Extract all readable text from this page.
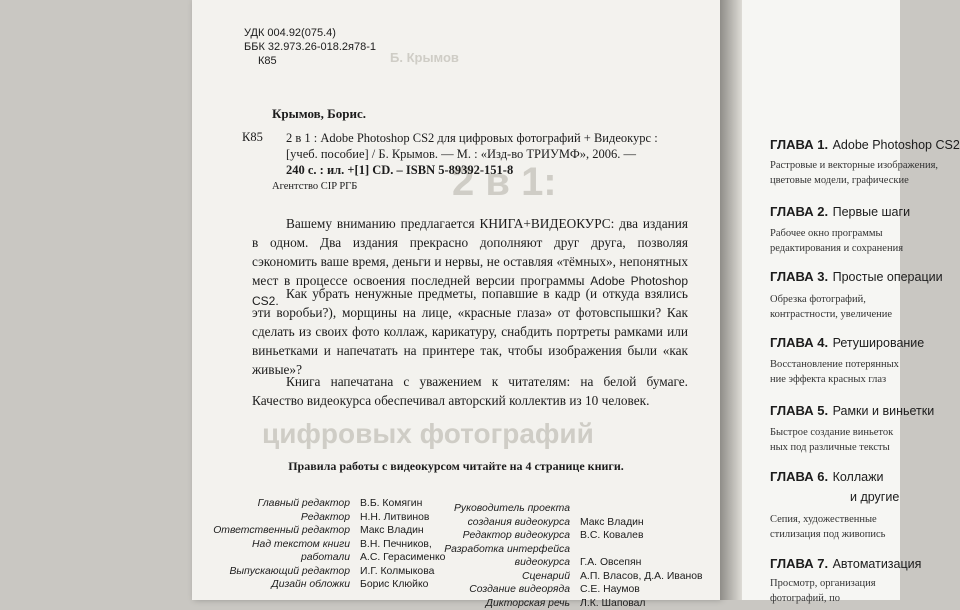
Б. Крымов
2 в 1:
цифровых фотографий
УДК 004.92(075.4)
ББК 32.973.26-018.2я78-1
К85
Крымов, Борис.
К85 2 в 1 : Adobe Photoshop CS2 для цифровых фотографий + Видеокурс :
[учеб. пособие] / Б. Крымов. — М. : «Изд-во ТРИУМФ», 2006. —
240 с. : ил. +[1] CD. – ISBN 5-89392-151-8
Агентство CIP РГБ
Вашему вниманию предлагается КНИГА+ВИДЕОКУРС: два издания в одном. Два издания прекрасно дополняют друг друга, позволяя сэкономить ваше время, деньги и нервы, не оставляя «тёмных», непонятных мест в процессе освоения последней версии программы Adobe Photoshop CS2. Как убрать ненужные предметы, попавшие в кадр (и откуда взялись эти воробьи?), морщины на лице, «красные глаза» от фотовспышки? Как сделать из своих фото коллаж, карикатуру, снабдить портреты рамками или виньетками и напечатать на принтере так, чтобы изображения были «как живые»?
Книга напечатана с уважением к читателям: на белой бумаге. Качество видеокурса обеспечивал авторский коллектив из 10 человек.
Правила работы с видеокурсом читайте на 4 странице книги.
Главный редактор В.Б. Комягин
Редактор Н.Н. Литвинов
Ответственный редактор Макс Владин
Над текстом книги В.Н. Печников,
работали А.С. Герасименко
Выпускающий редактор И.Г. Колмыкова
Дизайн обложки Борис Клюйко
Руководитель проекта
создания видеокурса Макс Владин
Редактор видеокурса В.С. Ковалев
Разработка интерфейса
видеокурса Г.А. Овсепян
Сценарий А.П. Власов, Д.А. Иванов
Создание видеоряда С.Е. Наумов
Дикторская речь Л.К. Шаповал
ГЛАВА 1. Adobe Photoshop CS2
Растровые и векторные изображения,
цветовые модели, графические
ГЛАВА 2. Первые шаги
Рабочее окно программы
редактирования и сохранения
ГЛАВА 3. Простые операции
Обрезка фотографий,
контрастности, увеличение
ГЛАВА 4. Ретуширование
Восстановление потерянных
ние эффекта красных глаз
ГЛАВА 5. Рамки и виньетки
Быстрое создание виньеток
ных под различные тексты
ГЛАВА 6. Коллажи
и другие
Сепия, художественные
стилизация под живопись
ГЛАВА 7. Автоматизация
Просмотр, организация
фотографий, по
